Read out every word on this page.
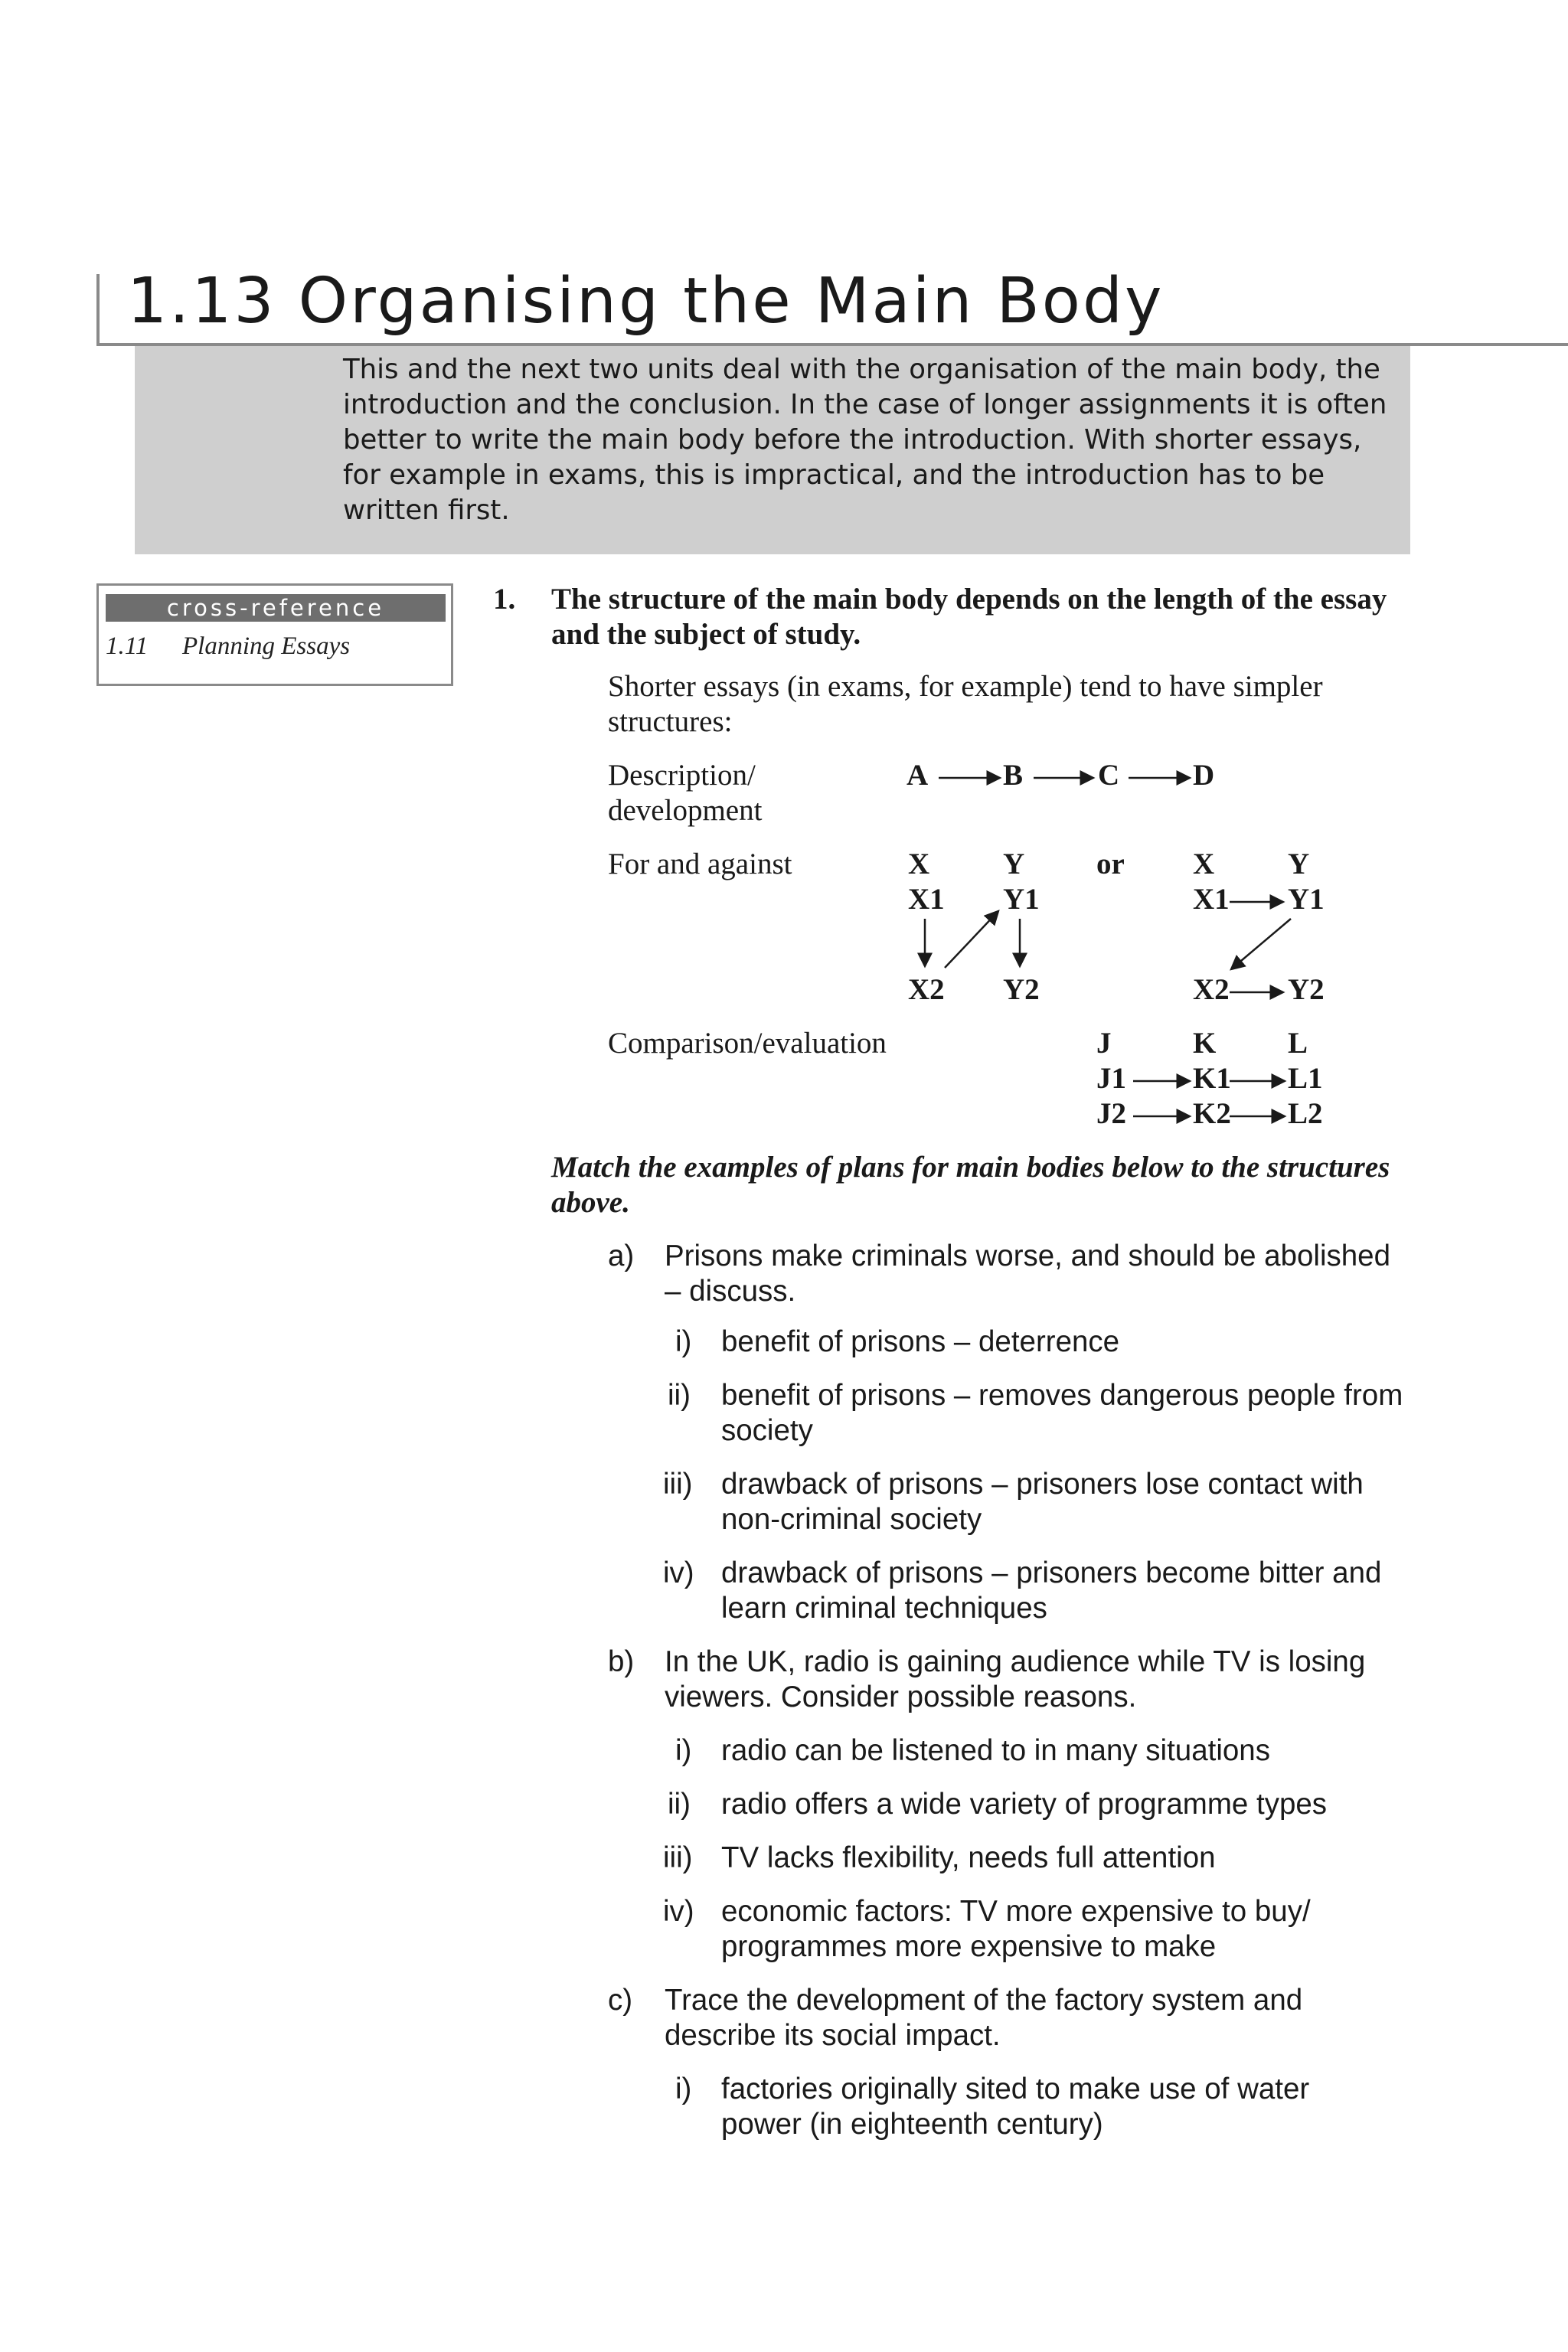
1.13 Organising the Main Body

This and the next two units deal with the organisation of the main body, the introduction and the conclusion. In the case of longer assignments it is often better to write the main body before the introduction. With shorter essays, for example in exams, this is impractical, and the introduction has to be written first.

cross-reference
1.11 Planning Essays
1. The structure of the main body depends on the length of the essay and the subject of study.

Shorter essays (in exams, for example) tend to have simpler structures:

Description/ development

For and against

Comparison/evaluation

A	B	C D
X Y
X1 Y1
X2 Y2
or X Y
X1 Y1
X2 Y2
J	K L
J1 K1 L1
J2 K2 L2

Match the examples of plans for main bodies below to the structures above.

a) Prisons make criminals worse, and should be abolished – discuss.

i) benefit of prisons – deterrence

ii) benefit of prisons – removes dangerous people from society

iii) drawback of prisons – prisoners lose contact with non-criminal society

iv) drawback of prisons – prisoners become bitter and learn criminal techniques

b) In the UK, radio is gaining audience while TV is losing viewers. Consider possible reasons.

i) radio can be listened to in many situations

ii) radio offers a wide variety of programme types

iii) TV lacks flexibility, needs full attention

iv) economic factors: TV more expensive to buy/ programmes more expensive to make

c) Trace the development of the factory system and describe its social impact.

i) factories originally sited to make use of water power (in eighteenth century)
